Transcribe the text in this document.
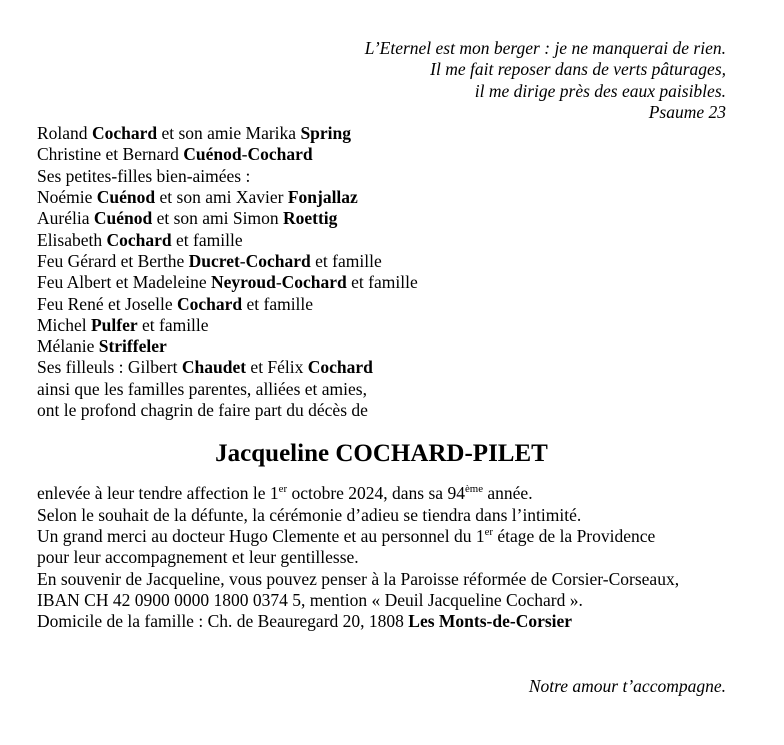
L’Eternel est mon berger : je ne manquerai de rien.
Il me fait reposer dans de verts pâturages,
il me dirige près des eaux paisibles.
Psaume 23
Roland Cochard et son amie Marika Spring
Christine et Bernard Cuénod-Cochard
Ses petites-filles bien-aimées :
Noémie Cuénod et son ami Xavier Fonjallaz
Aurélia Cuénod et son ami Simon Roettig
Elisabeth Cochard et famille
Feu Gérard et Berthe Ducret-Cochard et famille
Feu Albert et Madeleine Neyroud-Cochard et famille
Feu René et Joselle Cochard et famille
Michel Pulfer et famille
Mélanie Striffeler
Ses filleuls : Gilbert Chaudet et Félix Cochard
ainsi que les familles parentes, alliées et amies,
ont le profond chagrin de faire part du décès de
Jacqueline COCHARD-PILET
enlevée à leur tendre affection le 1er octobre 2024, dans sa 94ème année.
Selon le souhait de la défunte, la cérémonie d’adieu se tiendra dans l’intimité.
Un grand merci au docteur Hugo Clemente et au personnel du 1er étage de la Providence
pour leur accompagnement et leur gentillesse.
En souvenir de Jacqueline, vous pouvez penser à la Paroisse réformée de Corsier-Corseaux,
IBAN CH 42 0900 0000 1800 0374 5, mention « Deuil Jacqueline Cochard ».
Domicile de la famille : Ch. de Beauregard 20, 1808 Les Monts-de-Corsier
Notre amour t’accompagne.
